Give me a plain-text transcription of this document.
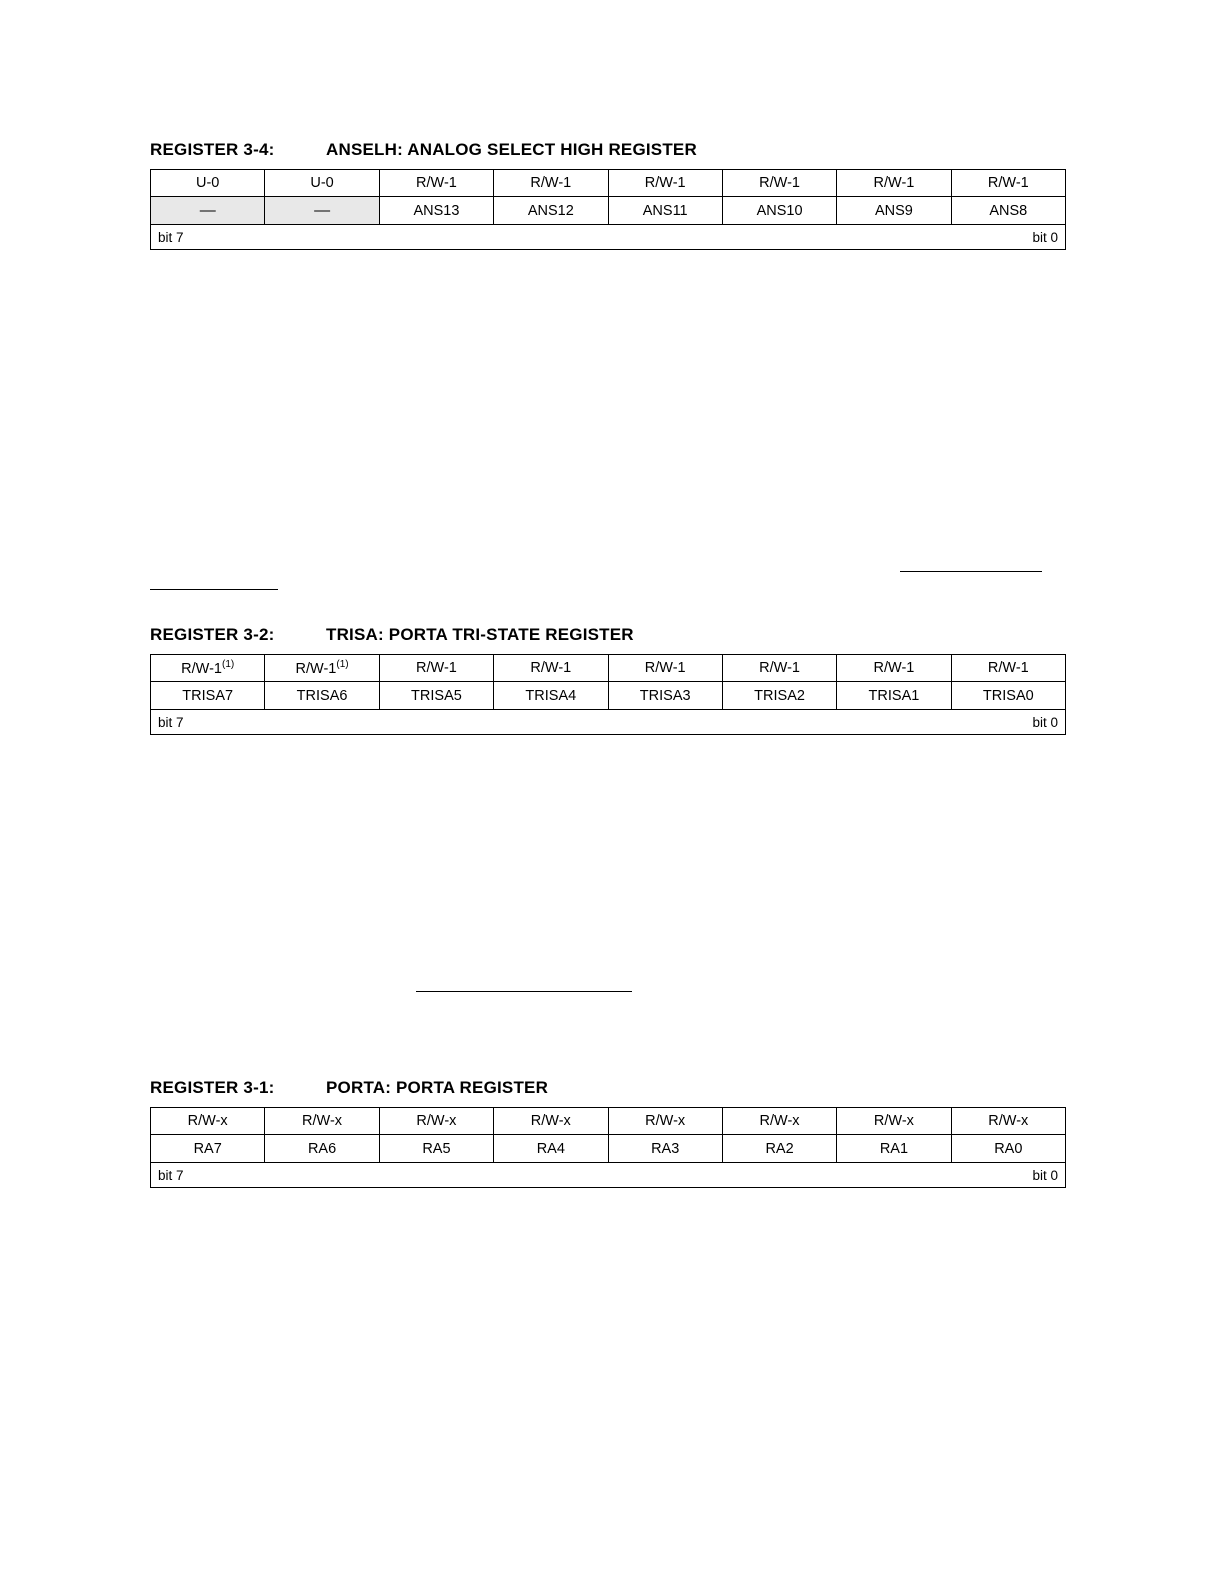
REGISTER 3-4:	ANSELH: ANALOG SELECT HIGH REGISTER
U-0	U-0	R/W-1	R/W-1	R/W-1	R/W-1	R/W-1	R/W-1
—	—	ANS13	ANS12	ANS11	ANS10	ANS9	ANS8
bit 7	bit 0
REGISTER 3-2:	TRISA: PORTA TRI-STATE REGISTER
R/W-1$^{(1)}$	R/W-1$^{(1)}$	R/W-1	R/W-1	R/W-1	R/W-1	R/W-1	R/W-1
TRISA7	TRISA6	TRISA5	TRISA4	TRISA3	TRISA2	TRISA1	TRISA0
bit 7	bit 0
REGISTER 3-1:	PORTA: PORTA REGISTER
R/W-x	R/W-x	R/W-x	R/W-x	R/W-x	R/W-x	R/W-x	R/W-x
RA7	RA6	RA5	RA4	RA3	RA2	RA1	RA0
bit 7	bit 0
